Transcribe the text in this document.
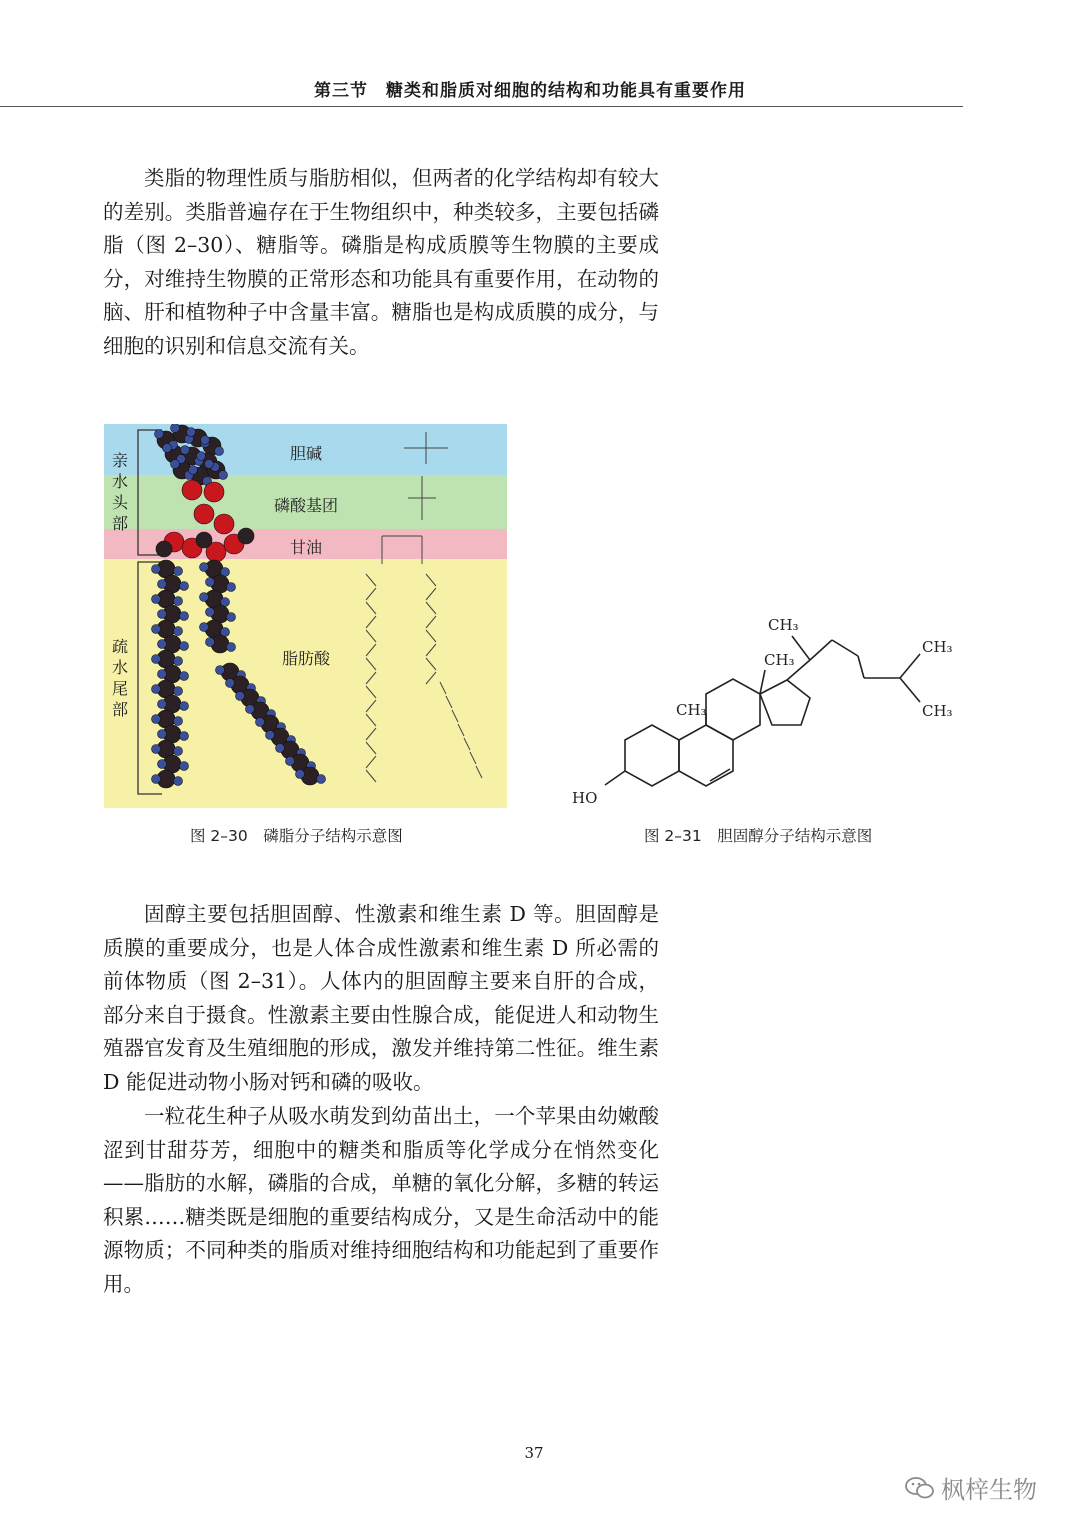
第三节　糖类和脂质对细胞的结构和功能具有重要作用

类脂的物理性质与脂肪相似，但两者的化学结构却有较大的差别。类脂普遍存在于生物组织中，种类较多，主要包括磷脂（图 2–30）、糖脂等。磷脂是构成质膜等生物膜的主要成分，对维持生物膜的正常形态和功能具有重要作用，在动物的脑、肝和植物种子中含量丰富。糖脂也是构成质膜的成分，与细胞的识别和信息交流有关。

亲水头部
疏水尾部
胆碱
磷酸基团
甘油
脂肪酸
图 2–30　磷脂分子结构示意图
CH₃
CH₃
CH₃
CH₃
CH₃
HO
图 2–31　胆固醇分子结构示意图

固醇主要包括胆固醇、性激素和维生素 D 等。胆固醇是质膜的重要成分，也是人体合成性激素和维生素 D 所必需的前体物质（图 2–31）。人体内的胆固醇主要来自肝的合成，部分来自于摄食。性激素主要由性腺合成，能促进人和动物生殖器官发育及生殖细胞的形成，激发并维持第二性征。维生素 D 能促进动物小肠对钙和磷的吸收。

一粒花生种子从吸水萌发到幼苗出土，一个苹果由幼嫩酸涩到甘甜芬芳，细胞中的糖类和脂质等化学成分在悄然变化——脂肪的水解，磷脂的合成，单糖的氧化分解，多糖的转运积累……糖类既是细胞的重要结构成分，又是生命活动中的能源物质；不同种类的脂质对维持细胞结构和功能起到了重要作用。

37
枫梓生物
